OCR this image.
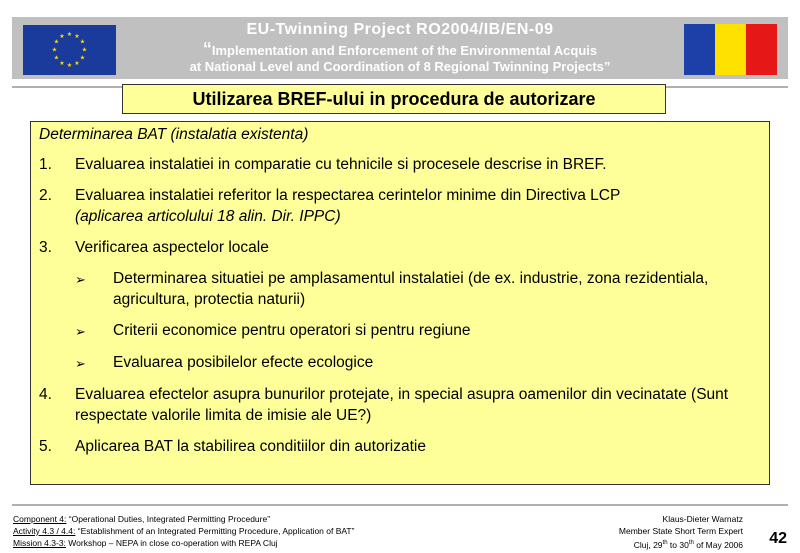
★ ★
★
★
★
★
★
★
★
★
★
★	EU-Twinning Project RO2004/IB/EN-09
“Implementation and Enforcement of the Environmental Acquis
at National Level and Coordination of 8 Regional Twinning Projects”
Utilizarea BREF-ului in procedura de autorizare
Determinarea BAT (instalatia existenta)
1.	Evaluarea instalatiei in comparatie cu tehnicile si procesele descrise in BREF.
2.	Evaluarea instalatiei referitor la respectarea cerintelor minime din Directiva LCP
(aplicarea articolului 18 alin. Dir. IPPC)
3.	Verificarea aspectelor locale
➢	Determinarea situatiei pe amplasamentul instalatiei (de ex. industrie, zona rezidentiala, agricultura, protectia naturii)
➢	Criterii economice pentru operatori si pentru regiune
➢	Evaluarea posibilelor efecte ecologice
4.	Evaluarea efectelor asupra bunurilor protejate, in special asupra oamenilor din vecinatate (Sunt respectate valorile limita de imisie ale UE?)
5.	Aplicarea BAT la stabilirea conditiilor din autorizatie
Component 4: “Operational Duties, Integrated Permitting Procedure”
Activity 4.3 / 4.4: “Establishment of an Integrated Permitting Procedure, Application of BAT”
Mission 4.3-3: Workshop – NEPA in close co-operation with REPA Cluj
Klaus-Dieter Warnatz
Member State Short Term Expert
Cluj, 29th to 30th of May 2006 42
